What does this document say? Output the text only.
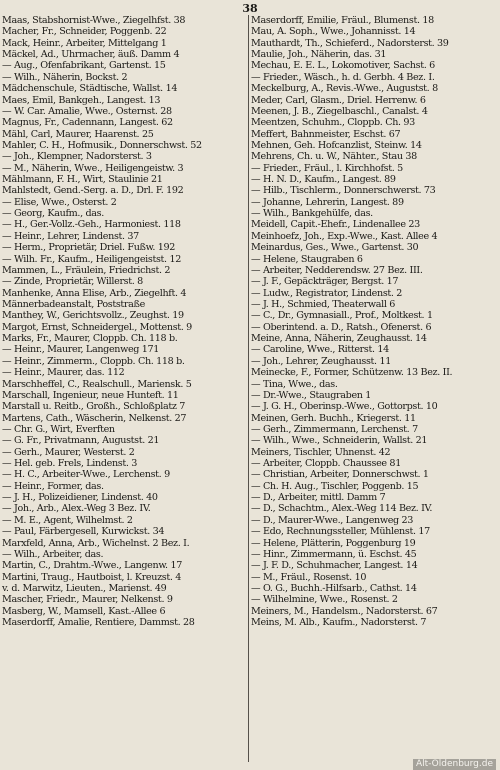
38
Maas, Stabshornist-Wwe., Ziegelhfst. 38
Macher, Fr., Schneider, Poggenb. 22
Mack, Heinr., Arbeiter, Mittelgang 1
Mäckel, Ad., Uhrmacher, äuß. Damm 4
— Aug., Ofenfabrikant, Gartenst. 15
— Wilh., Näherin, Bockst. 2
Mädchenschule, Städtische, Wallst. 14
Maes, Emil, Bankgeh., Langest. 13
— W. Car. Amalie, Wwe., Osternst. 28
Magnus, Fr., Cadennann, Langest. 62
Mähl, Carl, Maurer, Haarenst. 25
Mahler, C. H., Hofmusik., Donnerschwst. 52
— Joh., Klempner, Nadorsterst. 3
— M., Näherin, Wwe., Heiligengeistw. 3
Mählmann, F. H., Wirt, Staulinie 21
Mahlstedt, Gend.-Serg. a. D., Drl. F. 192
— Elise, Wwe., Osterst. 2
— Georg, Kaufm., das.
— H., Ger.-Vollz.-Geh., Harmoniest. 118
— Heinr., Lehrer, Lindenst. 37
— Herm., Proprietär, Driel. Fußw. 192
— Wilh. Fr., Kaufm., Heiligengeistst. 12
Mammen, L., Fräulein, Friedrichst. 2
— Zinde, Proprietär, Willerst. 8
Manhenke, Anna Elise, Arb., Ziegelhft. 4
Männerbadeanstalt, Poststraße
Manthey, W., Gerichtsvollz., Zeughst. 19
Margot, Ernst, Schneidergel., Mottenst. 9
Marks, Fr., Maurer, Cloppb. Ch. 118 b.
— Heinr., Maurer, Langenweg 171
— Heinr., Zimmerm., Cloppb. Ch. 118 b.
— Heinr., Maurer, das. 112
Marschheffel, C., Realschull., Mariensk. 5
Marschall, Ingenieur, neue Hunteft. 11
Marstall u. Reitb., Großh., Schloßplatz 7
Martens, Cath., Wäscherin, Nelkenst. 27
— Chr. G., Wirt, Everften
— G. Fr., Privatmann, Augustst. 21
— Gerh., Maurer, Westerst. 2
— Hel. geb. Frels, Lindenst. 3
— H. C., Arbeiter-Wwe., Lerchenst. 9
— Heinr., Former, das.
— J. H., Polizeidiener, Lindenst. 40
— Joh., Arb., Alex.-Weg 3 Bez. IV.
— M. E., Agent, Wilhelmst. 2
— Paul, Färbergesell, Kurwickst. 34
Marxfeld, Anna, Arb., Wichelnst. 2 Bez. I.
— Wilh., Arbeiter, das.
Martin, C., Drahtm.-Wwe., Langenw. 17
Martini, Traug., Hautboist, l. Kreuzst. 4
v. d. Marwitz, Lieuten., Marienst. 49
Mascher, Friedr., Maurer, Nelkenst. 9
Masberg, W., Mamsell, Kast.-Allee 6
Maserdorff, Amalie, Rentiere, Dammst. 28
Maserdorff, Emilie, Fräul., Blumenst. 18
Mau, A. Soph., Wwe., Johannisst. 14
Mauthardt, Th., Schieferd., Nadorsterst. 39
Maulie, Joh., Näherin, das. 31
Mechau, E. E. L., Lokomotiver, Sachst. 6
— Frieder., Wäsch., h. d. Gerbh. 4 Bez. I.
Meckelburg, A., Revis.-Wwe., Augustst. 8
Meder, Carl, Glasm., Driel. Herrenw. 6
Meenen, J. B., Ziegelbaschl., Canalst. 4
Meentzen, Schuhm., Cloppb. Ch. 93
Meffert, Bahnmeister, Eschst. 67
Mehnen, Geh. Hofcanzlist, Steinw. 14
Mehrens, Ch. u. W., Nähter., Stau 38
— Frieder., Fräul., l. Kirchhofst. 5
— H. N. D., Kaufm., Langest. 89
— Hilb., Tischlerm., Donnerschwerst. 73
— Johanne, Lehrerin, Langest. 89
— Wilh., Bankgehülfe, das.
Meidell, Capit.-Ehefr., Lindenallee 23
Meinhoefz, Joh., Exp.-Wwe., Kast. Allee 4
Meinardus, Ges., Wwe., Gartenst. 30
— Helene, Staugraben 6
— Arbeiter, Nedderendsw. 27 Bez. III.
— J. F., Gepäckträger, Bergst. 17
— Ludw., Registrator, Lindenst. 2
— J. H., Schmied, Theaterwall 6
— C., Dr., Gymnasiall., Prof., Moltkest. 1
— Oberintend. a. D., Ratsh., Ofenerst. 6
Meine, Anna, Näherin, Zeughausst. 14
— Caroline, Wwe., Ritterst. 14
— Joh., Lehrer, Zeughausst. 11
Meinecke, F., Former, Schützenw. 13 Bez. II.
— Tina, Wwe., das.
— Dr.-Wwe., Staugraben 1
— J. G. H., Oberinsp.-Wwe., Gottorpst. 10
Meinen, Gerh. Buchh., Kriegerst. 11
— Gerh., Zimmermann, Lerchenst. 7
— Wilh., Wwe., Schneiderin, Wallst. 21
Meiners, Tischler, Uhnenst. 42
— Arbeiter, Cloppb. Chaussee 81
— Christian, Arbeiter, Donnerschwst. 1
— Ch. H. Aug., Tischler, Poggenb. 15
— D., Arbeiter, mittl. Damm 7
— D., Schachtm., Alex.-Weg 114 Bez. IV.
— D., Maurer-Wwe., Langenweg 23
— Edo, Rechnungssteller, Mühlenst. 17
— Helene, Plätterin, Poggenburg 19
— Hinr., Zimmermann, ü. Eschst. 45
— J. F. D., Schuhmacher, Langest. 14
— M., Fräul., Rosenst. 10
— O. G., Buchh.-Hilfsarb., Cathst. 14
— Wilhelmine, Wwe., Rosenst. 2
Meiners, M., Handelsm., Nadorsterst. 67
Meins, M. Alb., Kaufm., Nadorsterst. 7
Alt-Oldenburg.de
